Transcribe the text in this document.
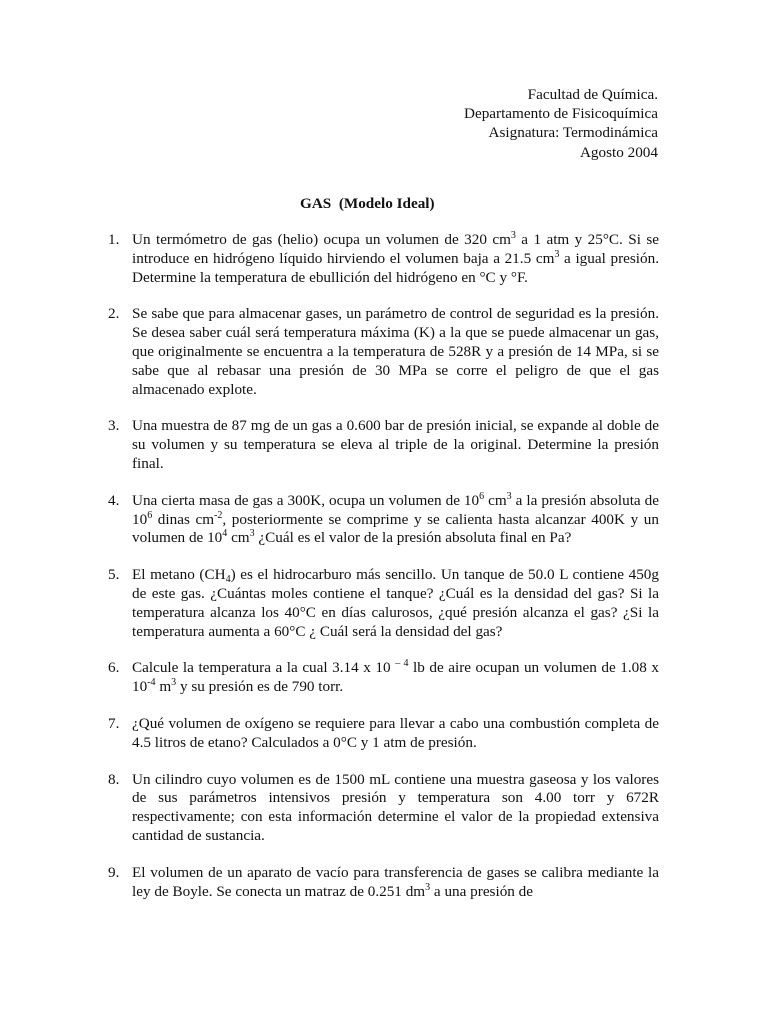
Facultad de Química.
Departamento de Fisicoquímica
Asignatura: Termodinámica
Agosto 2004
GAS  (Modelo Ideal)
1. Un termómetro de gas (helio) ocupa un volumen de 320 $cm^3$ a 1 atm y 25°C. Si se introduce en hidrógeno líquido hirviendo el volumen baja a 21.5 $cm^3$ a igual presión. Determine la temperatura de ebullición del hidrógeno en °C y °F.
2. Se sabe que para almacenar gases, un parámetro de control de seguridad es la presión. Se desea saber cuál será temperatura máxima (K) a la que se puede almacenar un gas, que originalmente se encuentra a la temperatura de 528R y a presión de 14 MPa, si se sabe que al rebasar una presión de 30 MPa se corre el peligro de que el gas almacenado explote.
3. Una muestra de 87 mg de un gas a 0.600 bar de presión inicial, se expande al doble de su volumen y su temperatura se eleva al triple de la original. Determine la presión final.
4. Una cierta masa de gas a 300K, ocupa un volumen de $10^6$ $cm^3$ a la presión absoluta de $10^6$ dinas $cm^{-2}$, posteriormente se comprime y se calienta hasta alcanzar 400K y un volumen de $10^4$ $cm^3$ ¿Cuál es el valor de la presión absoluta final en Pa?
5. El metano $(CH_4)$ es el hidrocarburo más sencillo. Un tanque de 50.0 L contiene 450g de este gas. ¿Cuántas moles contiene el tanque? ¿Cuál es la densidad del gas? Si la temperatura alcanza los 40°C en días calurosos, ¿qué presión alcanza el gas? ¿Si la temperatura aumenta a 60°C ¿ Cuál será la densidad del gas?
6. Calcule la temperatura a la cual 3.14 x 10 $^{- 4}$ lb de aire ocupan un volumen de 1.08 x $10^{-4}$ $m^3$ y su presión es de 790 torr.
7. ¿Qué volumen de oxígeno se requiere para llevar a cabo una combustión completa de 4.5 litros de etano? Calculados a 0°C y 1 atm de presión.
8. Un cilindro cuyo volumen es de 1500 mL contiene una muestra gaseosa y los valores de sus parámetros intensivos presión y temperatura son 4.00 torr y 672R respectivamente; con esta información determine el valor de la propiedad extensiva cantidad de sustancia.
9. El volumen de un aparato de vacío para transferencia de gases se calibra mediante la ley de Boyle. Se conecta un matraz de 0.251 $dm^3$ a una presión de
